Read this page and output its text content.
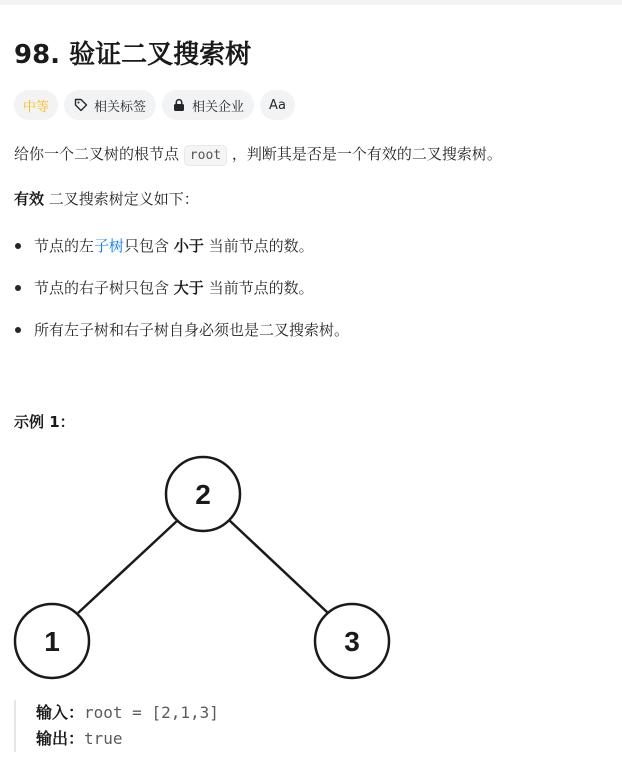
98. 验证二叉搜索树
中等	相关标签	相关企业 Aa

给你一个二叉树的根节点 root ，判断其是否是一个有效的二叉搜索树。

有效 二叉搜索树定义如下：

节点的左子树只包含 小于 当前节点的数。

节点的右子树只包含 大于 当前节点的数。

所有左子树和右子树自身必须也是二叉搜索树。

示例 1：

2
1	3
输入：root = [2,1,3]
输出：true
